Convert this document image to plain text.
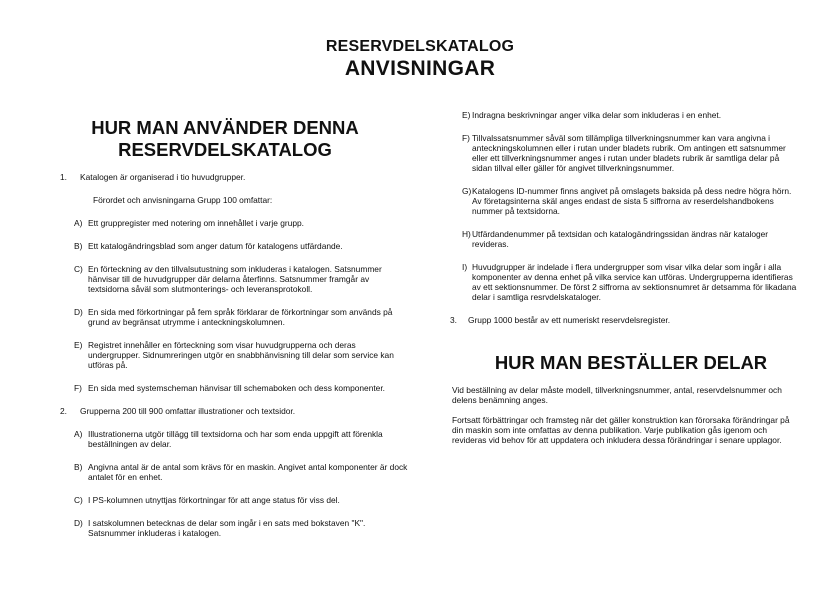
RESERVDELSKATALOG
ANVISNINGAR
HUR MAN ANVÄNDER DENNA
RESERVDELSKATALOG
1. Katalogen är organiserad i tio huvudgrupper.
Förordet och anvisningarna Grupp 100 omfattar:
A) Ett gruppregister med notering om innehållet i varje grupp.
B) Ett katalogändringsblad som anger datum för katalogens utfärdande.
C) En förteckning av den tillvalsutustning som inkluderas i katalogen. Satsnummer hänvisar till de huvudgrupper där delarna återfinns. Satsnummer framgår av textsidorna såväl som slutmonterings- och leveransprotokoll.
D) En sida med förkortningar på fem språk förklarar de förkortningar som används på grund av begränsat utrymme i anteckningskolumnen.
E) Registret innehåller en förteckning som visar huvudgrupperna och deras undergrupper. Sidnumreringen utgör en snabbhänvisning till delar som service kan utföras på.
F) En sida med systemscheman hänvisar till schemaboken och dess komponenter.
2. Grupperna 200 till 900 omfattar illustrationer och textsidor.
A) Illustrationerna utgör tillägg till textsidorna och har som enda uppgift att förenkla beställningen av delar.
B) Angivna antal är de antal som krävs för en maskin. Angivet antal komponenter är dock antalet för en enhet.
C) I PS-kolumnen utnyttjas förkortningar för att ange status för viss del.
D) I satskolumnen betecknas de delar som ingår i en sats med bokstaven "K". Satsnummer inkluderas i katalogen.
E) Indragna beskrivningar anger vilka delar som inkluderas i en enhet.
F) Tillvalssatsnummer såväl som tillämpliga tillverkningsnummer kan vara angivna i anteckningskolumnen eller i rutan under bladets rubrik. Om antingen ett satsnummer eller ett tillverkningsnummer anges i rutan under bladets rubrik är samtliga delar på sidan tillval eller gäller för angivet tillverkningsnummer.
G) Katalogens ID-nummer finns angivet på omslagets baksida på dess nedre högra hörn. Av företagsinterna skäl anges endast de sista 5 siffrorna av reserdelshandbokens nummer på textsidorna.
H) Utfärdandenummer på textsidan och katalogändringssidan ändras när kataloger revideras.
I) Huvudgrupper är indelade i flera undergrupper som visar vilka delar som ingår i alla komponenter av denna enhet på vilka service kan utföras. Undergrupperna identifieras av ett sektionsnummer. De först 2 siffrorna av sektionsnumret är detsamma för likadana delar i samtliga resrvdelskataloger.
3. Grupp 1000 består av ett numeriskt reservdelsregister.
HUR MAN BESTÄLLER DELAR
Vid beställning av delar måste modell, tillverkningsnummer, antal, reservdelsnummer och delens benämning anges.
Fortsatt förbättringar och framsteg när det gäller konstruktion kan förorsaka förändringar på din maskin som inte omfattas av denna publikation. Varje publikation gås igenom och revideras vid behov för att uppdatera och inkludera dessa förändringar i senare upplagor.
